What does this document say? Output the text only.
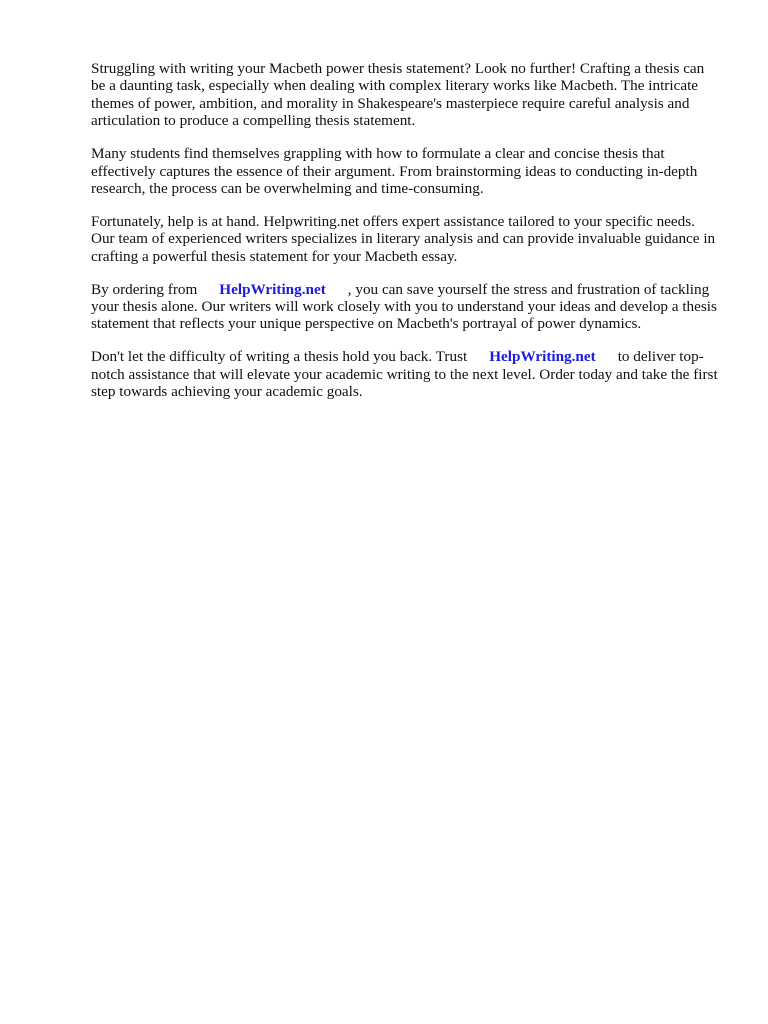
Struggling with writing your Macbeth power thesis statement? Look no further! Crafting a thesis can be a daunting task, especially when dealing with complex literary works like Macbeth. The intricate themes of power, ambition, and morality in Shakespeare's masterpiece require careful analysis and articulation to produce a compelling thesis statement.

Many students find themselves grappling with how to formulate a clear and concise thesis that effectively captures the essence of their argument. From brainstorming ideas to conducting in-depth research, the process can be overwhelming and time-consuming.

Fortunately, help is at hand. Helpwriting.net offers expert assistance tailored to your specific needs. Our team of experienced writers specializes in literary analysis and can provide invaluable guidance in crafting a powerful thesis statement for your Macbeth essay.

By ordering from HelpWriting.net , you can save yourself the stress and frustration of tackling your thesis alone. Our writers will work closely with you to understand your ideas and develop a thesis statement that reflects your unique perspective on Macbeth's portrayal of power dynamics.

Don't let the difficulty of writing a thesis hold you back. Trust HelpWriting.net to deliver top-notch assistance that will elevate your academic writing to the next level. Order today and take the first step towards achieving your academic goals.
